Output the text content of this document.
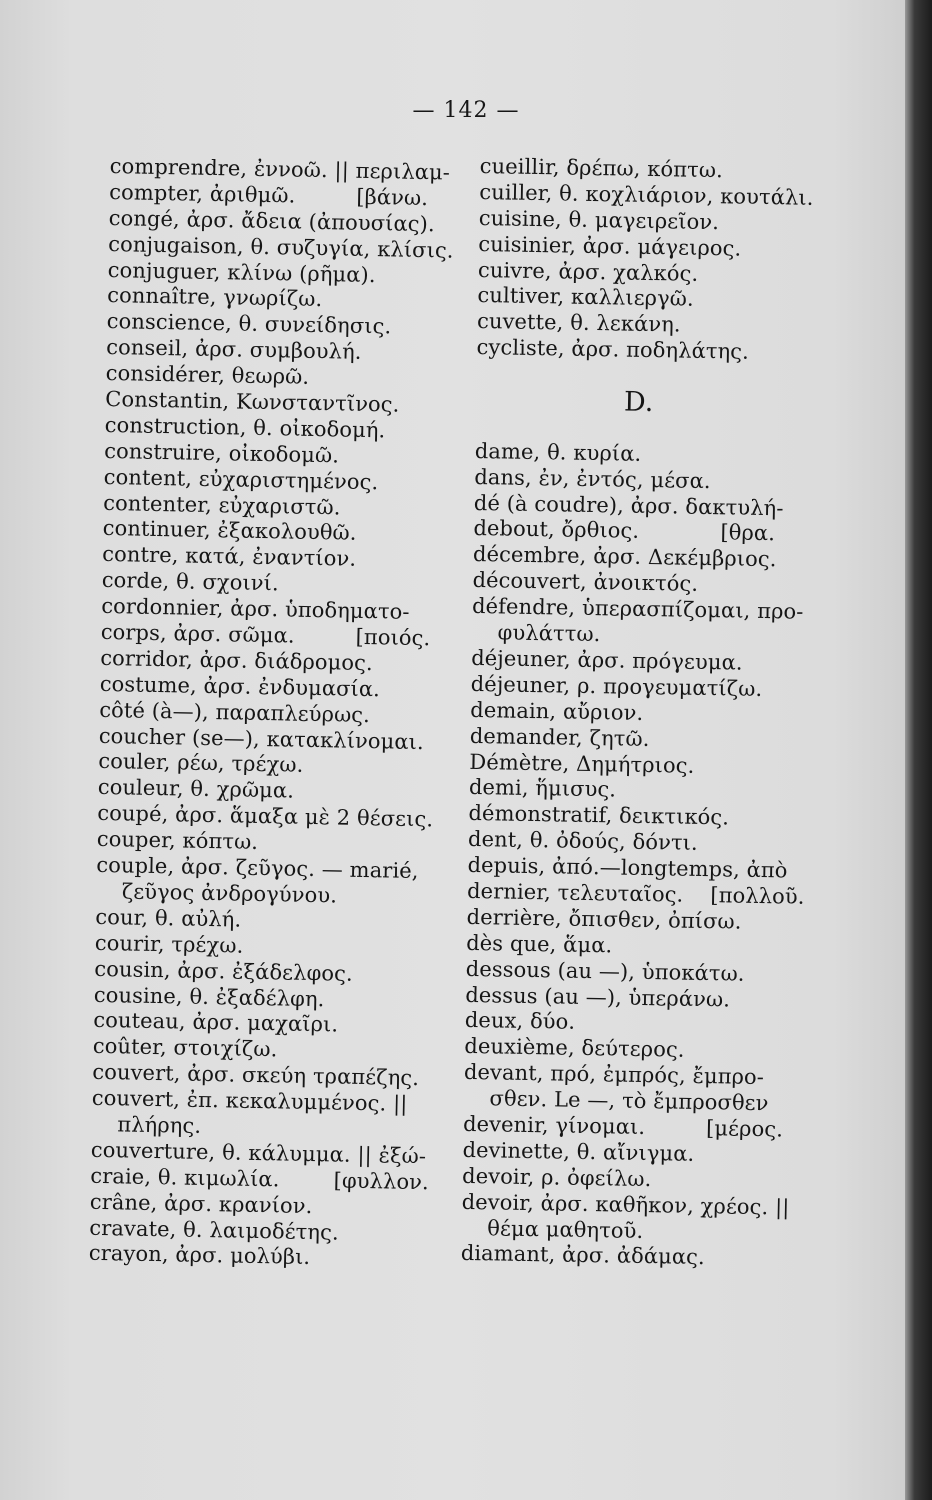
— 142 —
comprendre, ἐννοῶ. || περιλαμ-
compter, ἀριθμῶ.         [βάνω.
congé, ἀρσ. ἄδεια (ἀπουσίας).
conjugaison, θ. συζυγία, κλίσις.
conjuguer, κλίνω (ρῆμα).
connaître, γνωρίζω.
conscience, θ. συνείδησις.
conseil, ἀρσ. συμβουλή.
considérer, θεωρῶ.
Constantin, Κωνσταντῖνος.
construction, θ. οἰκοδομή.
construire, οἰκοδομῶ.
content, εὐχαριστημένος.
contenter, εὐχαριστῶ.
continuer, ἐξακολουθῶ.
contre, κατά, ἐναντίον.
corde, θ. σχοινί.
cordonnier, ἀρσ. ὑποδηματο-
corps, ἀρσ. σῶμα.         [ποιός.
corridor, ἀρσ. διάδρομος.
costume, ἀρσ. ἐνδυμασία.
côté (à—), παραπλεύρως.
coucher (se—), κατακλίνομαι.
couler, ρέω, τρέχω.
couleur, θ. χρῶμα.
coupé, ἀρσ. ἅμαξα μὲ 2 θέσεις.
couper, κόπτω.
couple, ἀρσ. ζεῦγος. — marié,
ζεῦγος ἀνδρογύνου.
cour, θ. αὐλή.
courir, τρέχω.
cousin, ἀρσ. ἐξάδελφος.
cousine, θ. ἐξαδέλφη.
couteau, ἀρσ. μαχαῖρι.
coûter, στοιχίζω.
couvert, ἀρσ. σκεύη τραπέζης.
couvert, ἐπ. κεκαλυμμένος. ||
πλήρης.
couverture, θ. κάλυμμα. || ἐξώ-
craie, θ. κιμωλία.        [φυλλον.
crâne, ἀρσ. κρανίον.
cravate, θ. λαιμοδέτης.
crayon, ἀρσ. μολύβι.
cueillir, δρέπω, κόπτω.
cuiller, θ. κοχλιάριον, κουτάλι.
cuisine, θ. μαγειρεῖον.
cuisinier, ἀρσ. μάγειρος.
cuivre, ἀρσ. χαλκός.
cultiver, καλλιεργῶ.
cuvette, θ. λεκάνη.
cycliste, ἀρσ. ποδηλάτης.
D.
dame, θ. κυρία.
dans, ἐν, ἐντός, μέσα.
dé (à coudre), ἀρσ. δακτυλή-
debout, ὄρθιος.            [θρα.
décembre, ἀρσ. Δεκέμβριος.
découvert, ἀνοικτός.
défendre, ὑπερασπίζομαι, προ-
φυλάττω.
déjeuner, ἀρσ. πρόγευμα.
déjeuner, ρ. προγευματίζω.
demain, αὔριον.
demander, ζητῶ.
Démètre, Δημήτριος.
demi, ἥμισυς.
démonstratif, δεικτικός.
dent, θ. ὀδούς, δόντι.
depuis, ἀπό.—longtemps, ἀπὸ
dernier, τελευταῖος.    [πολλοῦ.
derrière, ὄπισθεν, ὀπίσω.
dès que, ἅμα.
dessous (au —), ὑποκάτω.
dessus (au —), ὑπεράνω.
deux, δύο.
deuxième, δεύτερος.
devant, πρό, ἐμπρός, ἔμπρο-
σθεν. Le —, τὸ ἔμπροσθεν
devenir, γίνομαι.         [μέρος.
devinette, θ. αἴνιγμα.
devoir, ρ. ὀφείλω.
devoir, ἀρσ. καθῆκον, χρέος. ||
θέμα μαθητοῦ.
diamant, ἀρσ. ἀδάμας.
